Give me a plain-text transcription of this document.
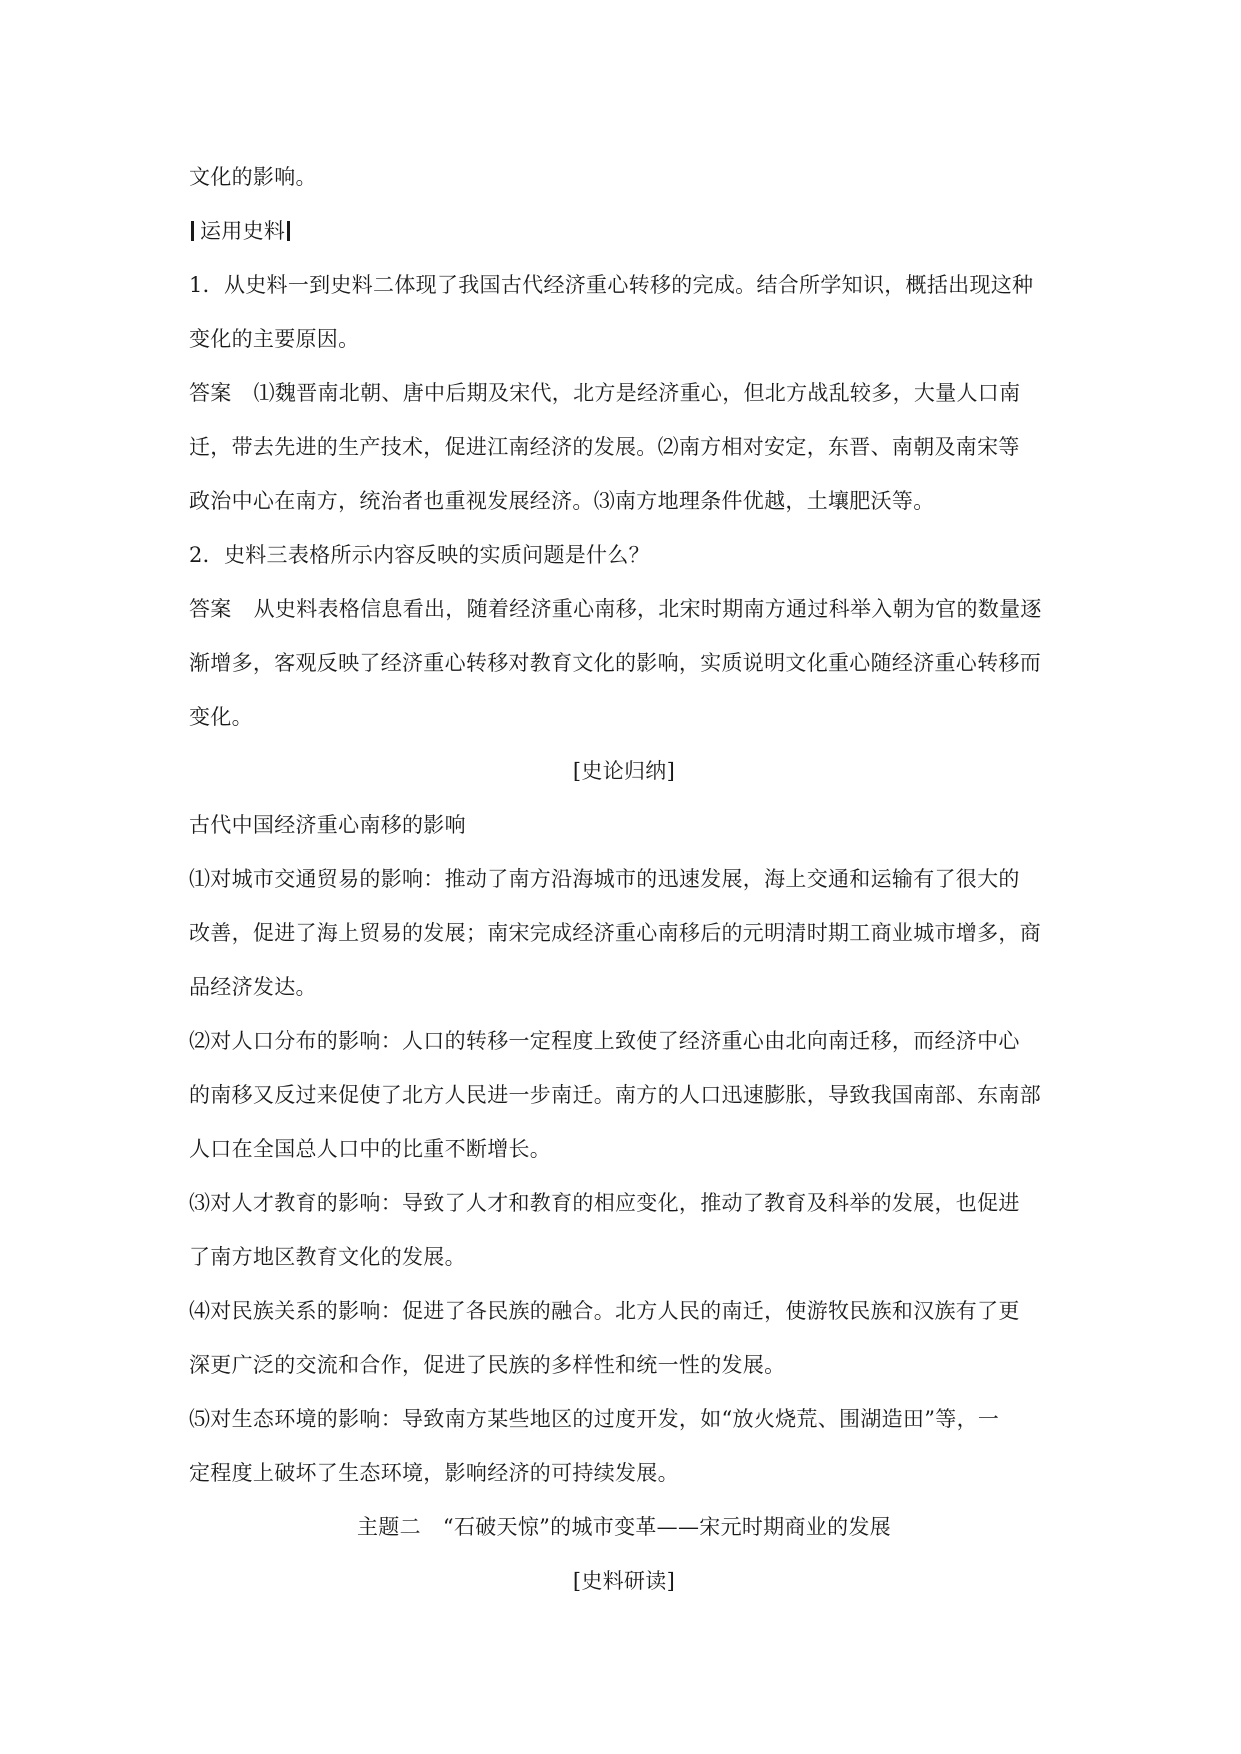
文化的影响。
运用史料
1．从史料一到史料二体现了我国古代经济重心转移的完成。结合所学知识，概括出现这种
变化的主要原因。
答案 ⑴魏晋南北朝、唐中后期及宋代，北方是经济重心，但北方战乱较多，大量人口南
迁，带去先进的生产技术，促进江南经济的发展。⑵南方相对安定，东晋、南朝及南宋等
政治中心在南方，统治者也重视发展经济。⑶南方地理条件优越，土壤肥沃等。
2．史料三表格所示内容反映的实质问题是什么？
答案 从史料表格信息看出，随着经济重心南移，北宋时期南方通过科举入朝为官的数量逐
渐增多，客观反映了经济重心转移对教育文化的影响，实质说明文化重心随经济重心转移而
变化。
[史论归纳]
古代中国经济重心南移的影响
⑴对城市交通贸易的影响：推动了南方沿海城市的迅速发展，海上交通和运输有了很大的
改善，促进了海上贸易的发展；南宋完成经济重心南移后的元明清时期工商业城市增多，商
品经济发达。
⑵对人口分布的影响：人口的转移一定程度上致使了经济重心由北向南迁移，而经济中心
的南移又反过来促使了北方人民进一步南迁。南方的人口迅速膨胀，导致我国南部、东南部
人口在全国总人口中的比重不断增长。
⑶对人才教育的影响：导致了人才和教育的相应变化，推动了教育及科举的发展，也促进
了南方地区教育文化的发展。
⑷对民族关系的影响：促进了各民族的融合。北方人民的南迁，使游牧民族和汉族有了更
深更广泛的交流和合作，促进了民族的多样性和统一性的发展。
⑸对生态环境的影响：导致南方某些地区的过度开发，如“放火烧荒、围湖造田”等，一
定程度上破坏了生态环境，影响经济的可持续发展。
主题二 “石破天惊”的城市变革——宋元时期商业的发展
[史料研读]
